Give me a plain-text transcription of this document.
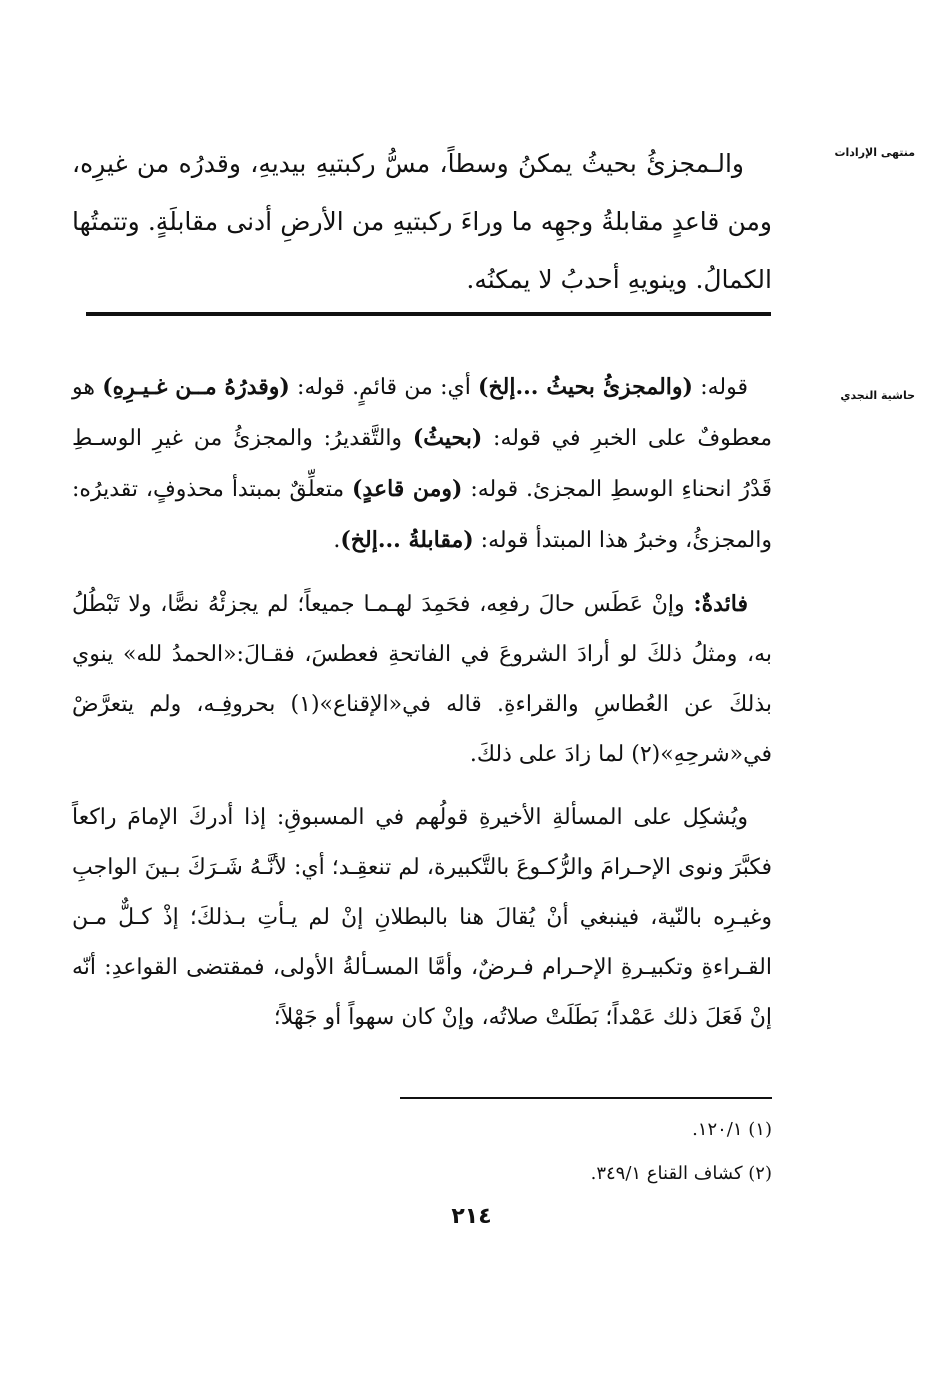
منتهى الإرادات
حاشية النجدي

والـمجزئُ بحيثُ يمكنُ وسطاً، مسُّ ركبتيهِ بيديهِ، وقدرُه من غيرِه، ومن قاعدٍ مقابلةُ وجهِه ما وراءَ ركبتيهِ من الأرضِ أدنى مقابلَةٍ. وتتمتُها الكمالُ. وينويهِ أحدبُ لا يمكنُه.

قوله: (والمجزئُ بحيثُ ...إلخ) أي: من قائمٍ. قوله: (وقدرُهُ مــن غـيـرِهِ) هو معطوفٌ على الخبرِ في قوله: (بحيثُ) والتَّقديرُ: والمجزئُ من غيرِ الوسـطِ قَدْرُ انحناءِ الوسطِ المجزئ. قوله: (ومن قاعدٍ) متعلِّقٌ بمبتدأ محذوفٍ، تقديرُه: والمجزئُ، وخبرُ هذا المبتدأ قوله: (مقابلةُ ...إلخ).

فائدةٌ: وإنْ عَطَس حالَ رفعِه، فحَمِدَ لهـمـا جميعاً؛ لم يجزئْهُ نصًّا، ولا تَبْطُلُ به، ومثلُ ذلكَ لو أرادَ الشروعَ في الفاتحةِ فعطسَ، فقـالَ:«الحمدُ لله» ينوي بذلكَ عن العُطاسِ والقراءةِ. قاله في«الإقناع»(١) بحروفِـه، ولم يتعرَّضْ في«شرحِهِ»(٢) لما زادَ على ذلكَ.

ويُشكِل على المسألةِ الأخيرةِ قولُهم في المسبوقِ: إذا أدركَ الإمامَ راكعاً فكبَّرَ ونوى الإحـرامَ والرُّكـوعَ بالتَّكبيرة، لم تنعقِـد؛ أي: لأنَّـهُ شَـرَكَ بـينَ الواجبِ وغيـرِه بالنّية، فينبغي أنْ يُقالَ هنا بالبطلانِ إنْ لم يـأتِ بـذلكَ؛ إذْ كـلٌّ مـن القـراءةِ وتكبيـرةِ الإحـرام فـرضٌ، وأمَّا المسـألةُ الأولى، فمقتضى القواعدِ: أنّه إنْ فَعَلَ ذلك عَمْداً؛ بَطَلَتْ صلاتُه، وإنْ كان سهواً أو جَهْلاً؛

(١) ١٢٠/١.
(٢) كشاف القناع ٣٤٩/١.
٢١٤
